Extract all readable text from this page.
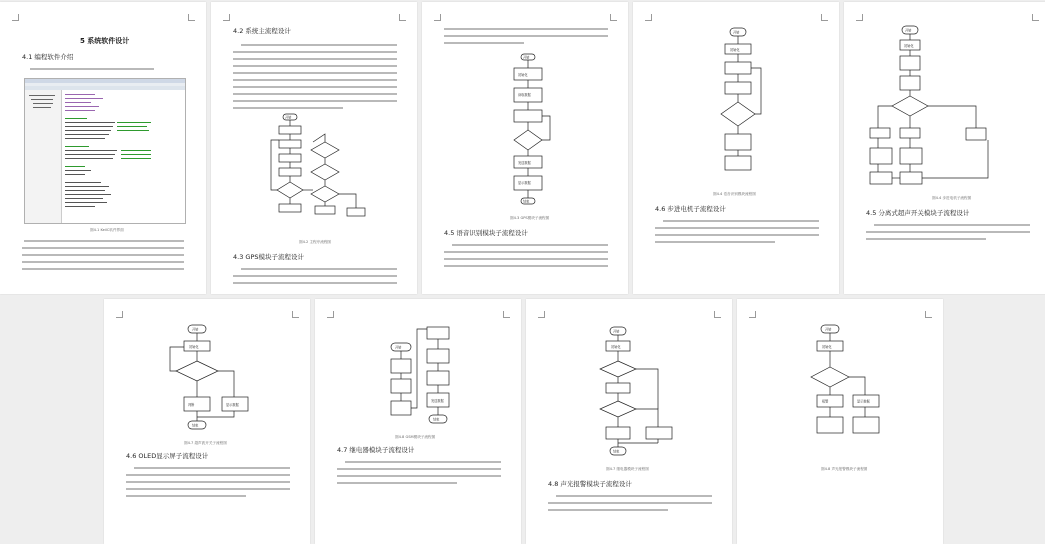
5 系统软件设计
4.1 编程软件介绍
图4.1 KeilC软件界面
4.2 系统主流程设计
开始
图4.2 主程序流程图
4.3 GPS模块子流程设计
开始
初始化
读取数据
发送数据
显示数据
结束
图4.3 GPS模块子流程图
4.5 语音识别模块子流程设计
开始
初始化
图4.4 语音识别模块流程图
4.6 步进电机子流程设计
开始
初始化
图4.4 步进电机子流程图
4.5 分离式超声开关模块子流程设计
开始
初始化
判断	显示数据
结束
图4.7 超声波开关子流程图
4.6 OLED显示屏子流程设计
开始
发送数据
结束
图4.8 GSM模块子流程图
4.7 继电器模块子流程设计
开始
初始化
结束
图4.7 继电器模块子流程图
4.8 声光报警模块子流程设计
开始
初始化
报警	显示数据
图4.8 声光报警模块子流程图
